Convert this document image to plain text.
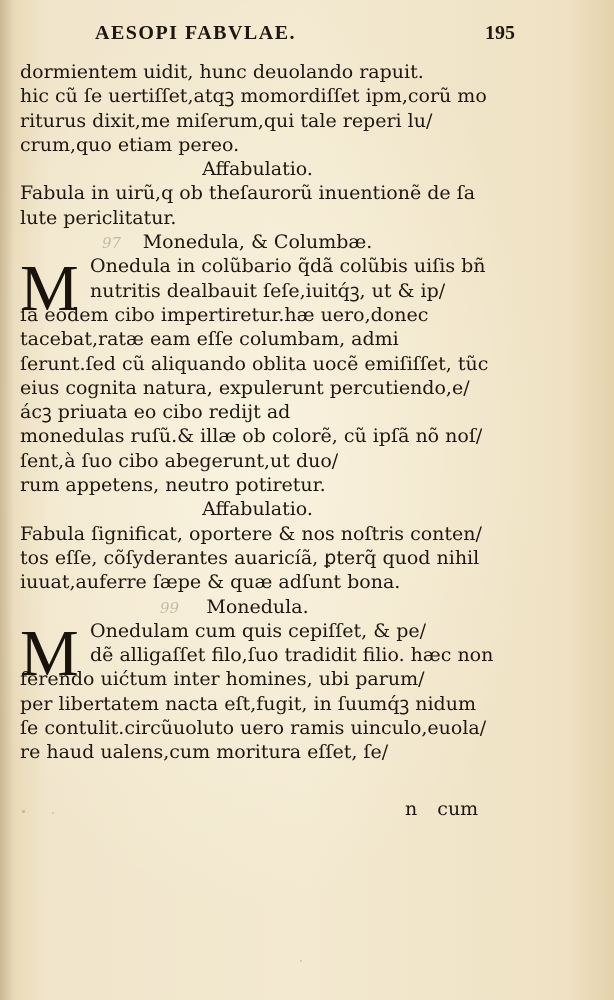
AESOPI FABVLAE.	195
dormientem uidit, hunc deuolando rapuit.
hic cũ ſe uertiſſet,atqꝫ momordiſſet ipm,corũ mo
riturus dixit,me miſerum,qui tale reperi lu/
crum,quo etiam pereo.
Affabulatio.
Fabula in uirũ,q ob theſaurorũ inuentionẽ de ſa
lute periclitatur.
97	Monedula, & Columbæ.
M Onedula in colũbario q̃dã colũbis uiſis bñ
nutritis dealbauit ſeſe,iuitq́ꝫ, ut & ip/
ſa eodem cibo impertiretur.hæ uero,donec
tacebat,ratæ eam eſſe columbam, admi
ſerunt.ſed cũ aliquando oblita uocẽ emiſiſſet, tũc
eius cognita natura, expulerunt percutiendo,e/
ácꝫ priuata eo cibo redijt ad
monedulas ruſũ.& illæ ob colorẽ, cũ ipſã nõ noſ/
ſent,à ſuo cibo abegerunt,ut duo/
rum appetens, neutro potiretur.
Affabulatio.
Fabula ſignificat, oportere & nos noſtris conten/
tos eſſe, cõſyderantes auaricíã, ꝑterq̃ quod nihil
iuuat,auferre ſæpe & quæ adſunt bona.
99	Monedula.
M Onedulam cum quis cepiſſet, & pe/
dẽ alligaſſet filo,ſuo tradidit filio. hæc non
ferendo uićtum inter homines, ubi parum/
per libertatem nacta eſt,fugit, in ſuumq́ꝫ nidum
ſe contulit.circũuoluto uero ramis uinculo,euola/
re haud ualens,cum moritura eſſet, ſe/
n cum
